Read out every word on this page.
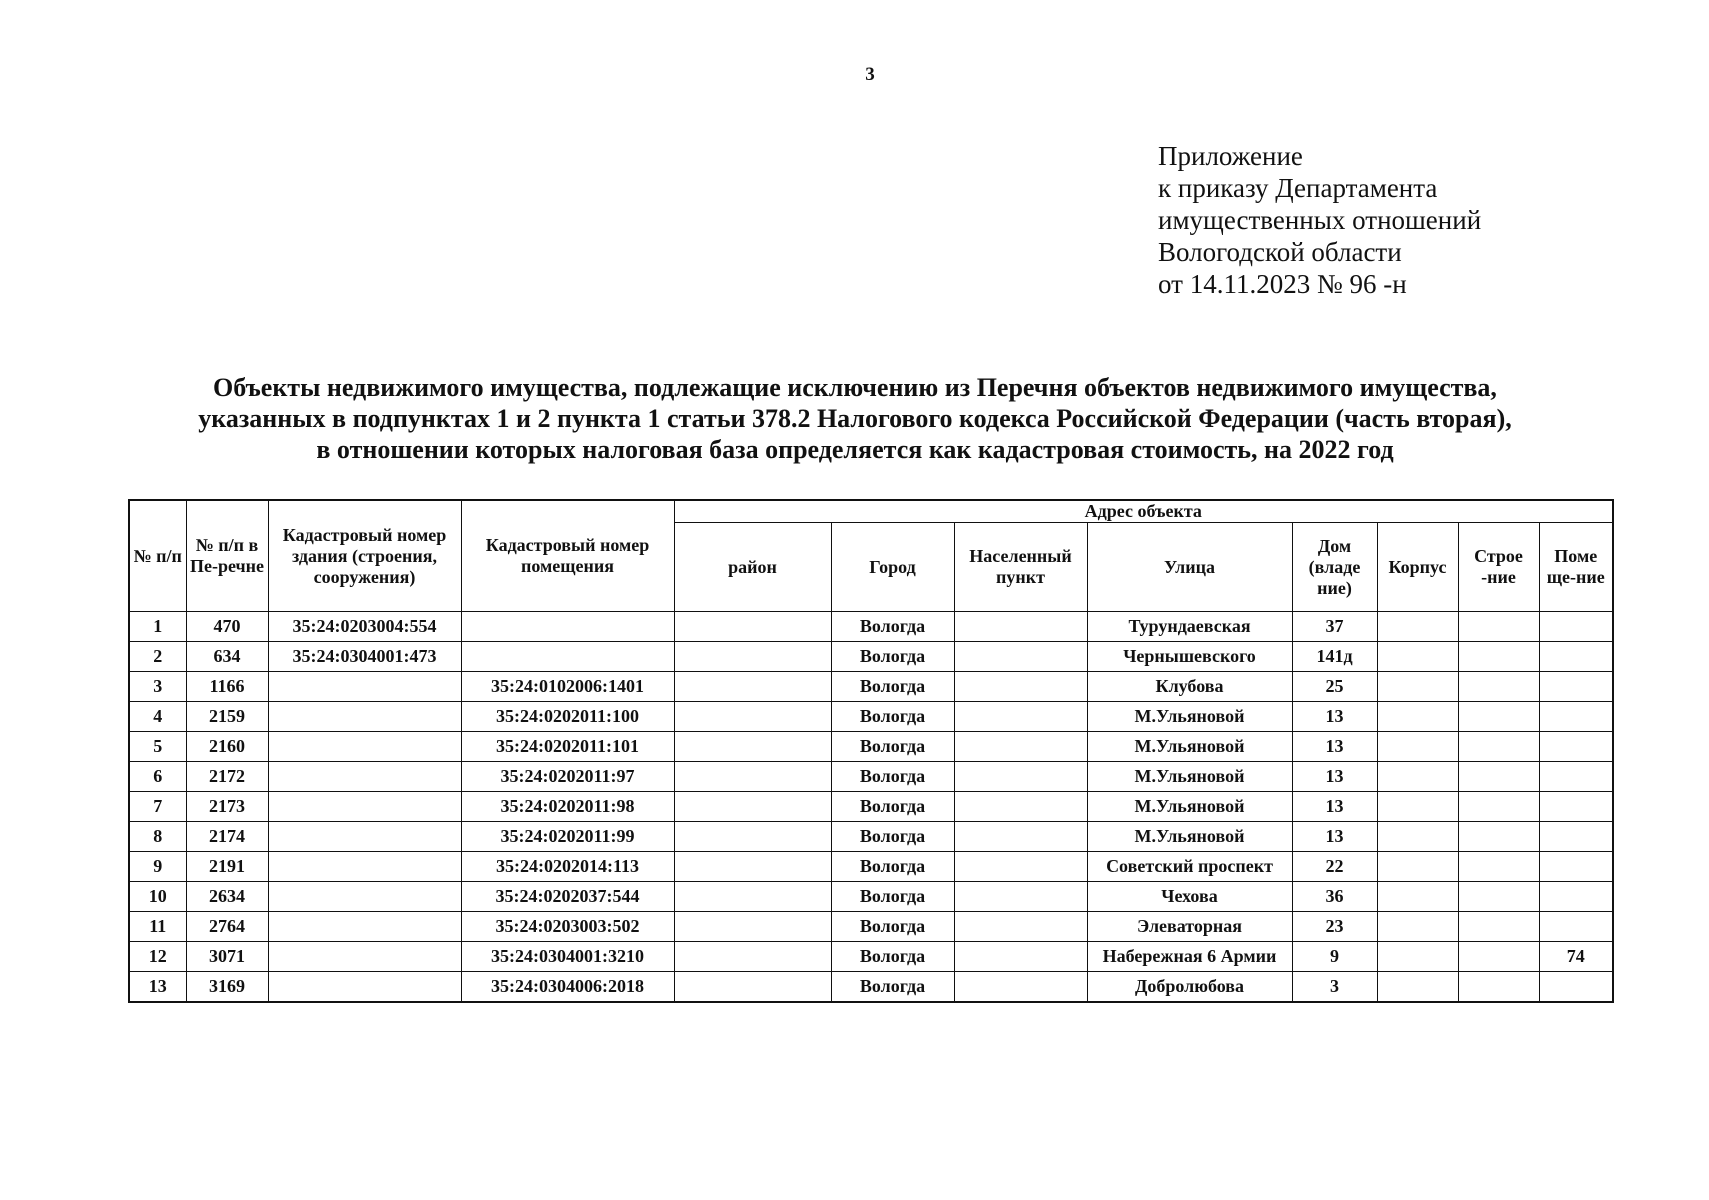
3
Приложение
к приказу Департамента
имущественных отношений
Вологодской области
от 14.11.2023 № 96 -н
Объекты недвижимого имущества, подлежащие исключению из Перечня объектов недвижимого имущества,
указанных в подпунктах 1 и 2 пункта 1 статьи 378.2 Налогового кодекса Российской Федерации (часть вторая),
в отношении которых налоговая база определяется как кадастровая стоимость, на 2022 год
№ п/п	№ п/п в Пе-речне	Кадастровый номер здания (строения, сооружения)	Кадастровый номер помещения	Адрес объекта							
				район	Город	Населенный пункт	Улица	Дом (владе ние)	Корпус	Строе -ние	Поме ще-ние
1	470	35:24:0203004:554			Вологда		Турундаевская	37			
2	634	35:24:0304001:473			Вологда		Чернышевского	141д			
3	1166		35:24:0102006:1401		Вологда		Клубова	25			
4	2159		35:24:0202011:100		Вологда		М.Ульяновой	13			
5	2160		35:24:0202011:101		Вологда		М.Ульяновой	13			
6	2172		35:24:0202011:97		Вологда		М.Ульяновой	13			
7	2173		35:24:0202011:98		Вологда		М.Ульяновой	13			
8	2174		35:24:0202011:99		Вологда		М.Ульяновой	13			
9	2191		35:24:0202014:113		Вологда		Советский проспект	22			
10	2634		35:24:0202037:544		Вологда		Чехова	36			
11	2764		35:24:0203003:502		Вологда		Элеваторная	23			
12	3071		35:24:0304001:3210		Вологда		Набережная 6 Армии	9			74
13	3169		35:24:0304006:2018		Вологда		Добролюбова	3			
